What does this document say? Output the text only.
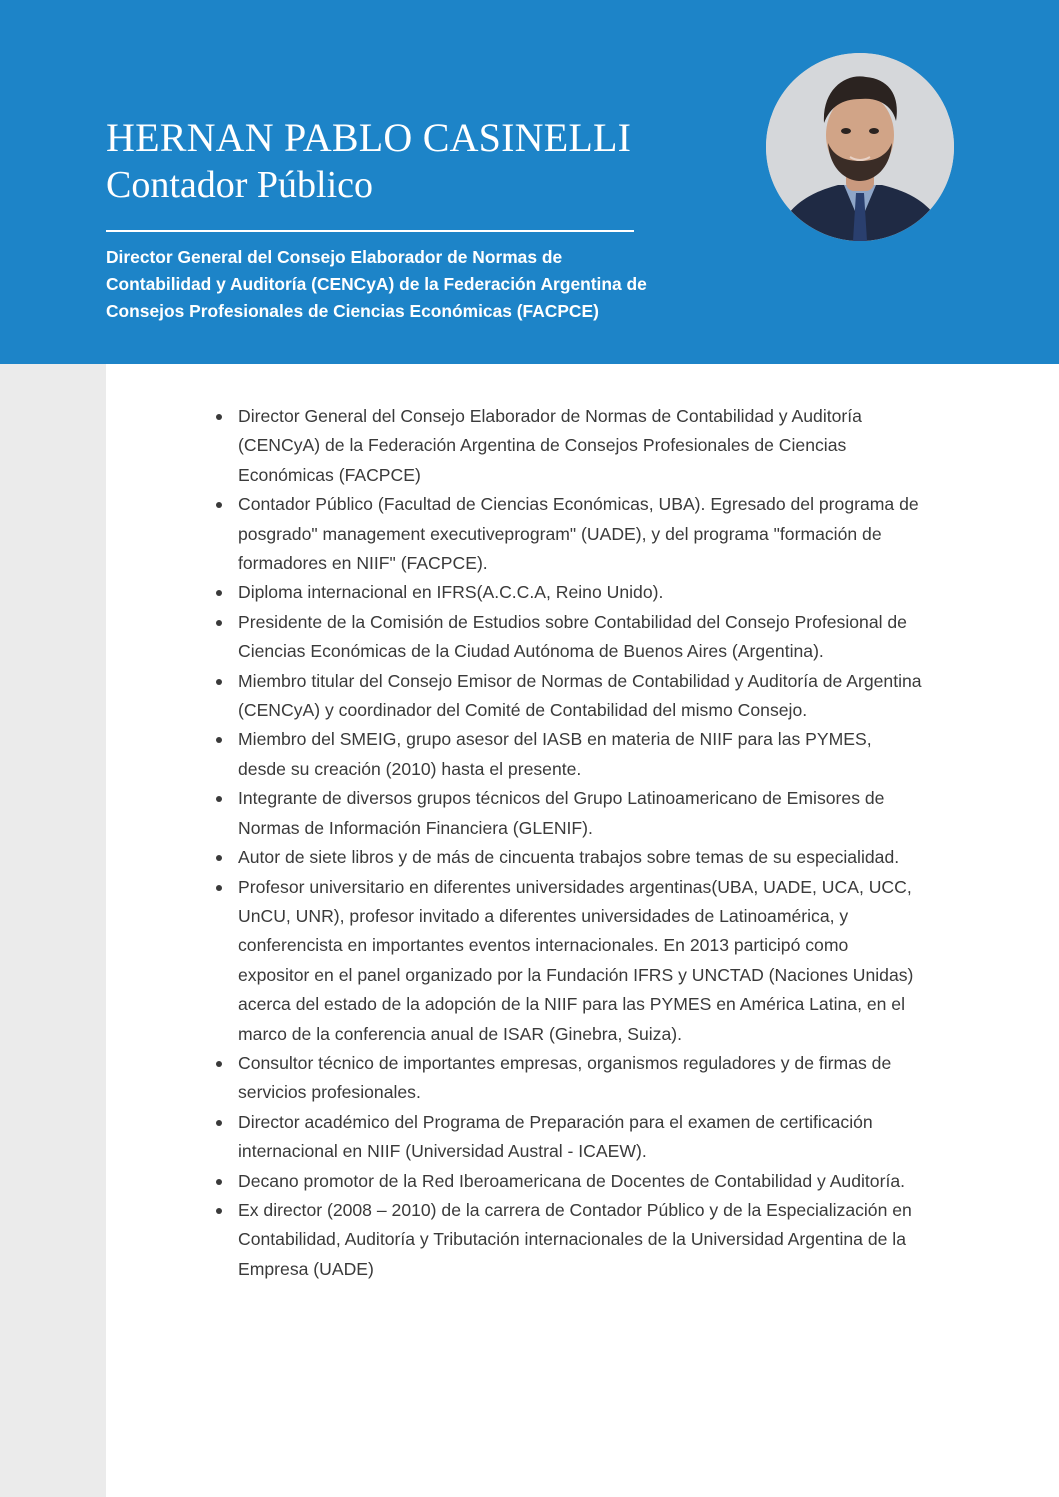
HERNAN PABLO CASINELLI
Contador Público
Director General del Consejo Elaborador de Normas de Contabilidad y Auditoría (CENCyA) de la Federación Argentina de Consejos Profesionales de Ciencias Económicas (FACPCE)
Director General del Consejo Elaborador de Normas de Contabilidad y Auditoría (CENCyA) de la Federación Argentina de Consejos Profesionales de Ciencias Económicas (FACPCE)
Contador Público (Facultad de Ciencias Económicas, UBA). Egresado del programa de posgrado" management executiveprogram" (UADE), y del programa "formación de formadores en NIIF" (FACPCE).
Diploma internacional en IFRS(A.C.C.A, Reino Unido).
Presidente de la Comisión de Estudios sobre Contabilidad del Consejo Profesional de Ciencias Económicas de la Ciudad Autónoma de Buenos Aires (Argentina).
Miembro titular del Consejo Emisor de Normas de Contabilidad y Auditoría de Argentina (CENCyA) y coordinador del Comité de Contabilidad del mismo Consejo.
Miembro del SMEIG, grupo asesor del IASB en materia de NIIF para las PYMES, desde su creación (2010) hasta el presente.
Integrante de diversos grupos técnicos del Grupo Latinoamericano de Emisores de Normas de Información Financiera (GLENIF).
Autor de siete libros y de más de cincuenta trabajos sobre temas de su especialidad.
Profesor universitario en diferentes universidades argentinas(UBA, UADE, UCA, UCC, UnCU, UNR), profesor invitado a diferentes universidades de Latinoamérica, y conferencista en importantes eventos internacionales. En 2013 participó como expositor en el panel organizado por la Fundación IFRS y UNCTAD (Naciones Unidas) acerca del estado de la adopción de la NIIF para las PYMES en América Latina, en el marco de la conferencia anual de ISAR (Ginebra, Suiza).
Consultor técnico de importantes empresas, organismos reguladores y de firmas de servicios profesionales.
Director académico del Programa de Preparación para el examen de certificación internacional en NIIF (Universidad Austral - ICAEW).
Decano promotor de la Red Iberoamericana de Docentes de Contabilidad y Auditoría.
Ex director (2008 – 2010) de la carrera de Contador Público y de la Especialización en Contabilidad, Auditoría y Tributación internacionales de la Universidad Argentina de la Empresa (UADE)
